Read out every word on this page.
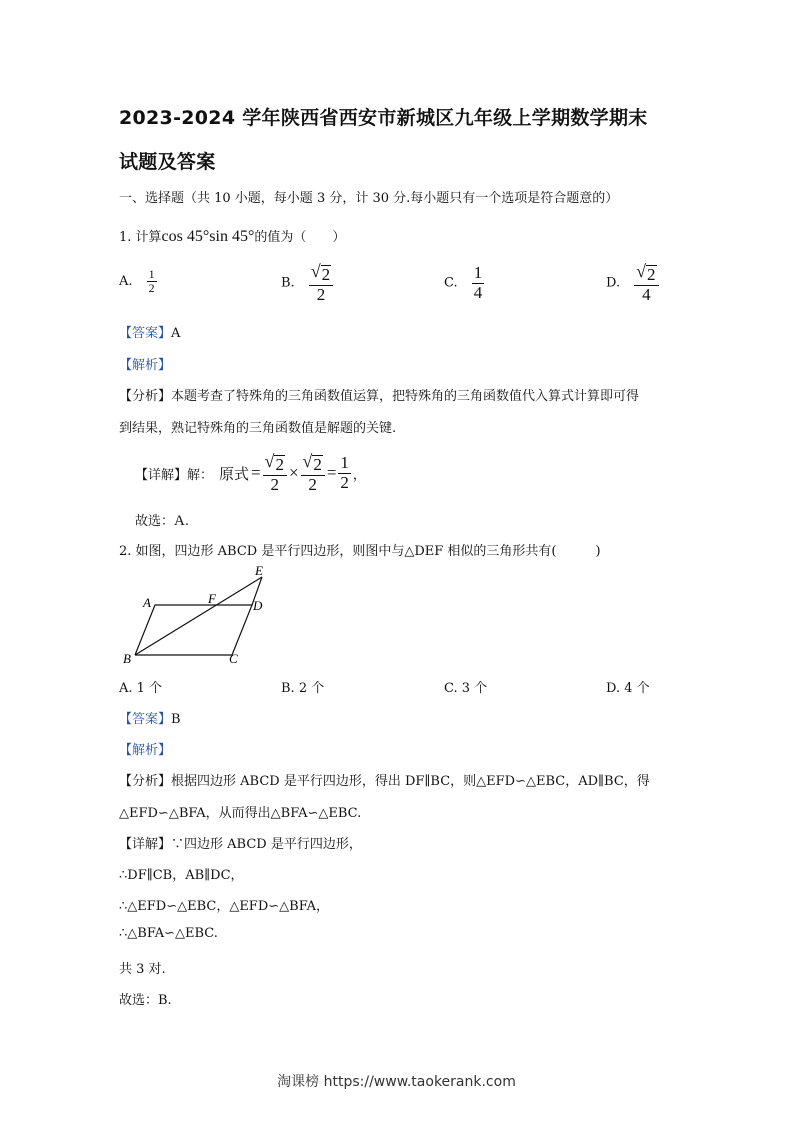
2023-2024 学年陕西省西安市新城区九年级上学期数学期末
试题及答案
一、选择题（共 10 小题，每小题 3 分，计 30 分.每小题只有一个选项是符合题意的）
1. 计算cos 45°sin 45°的值为（　　）
A. $\frac{1}{2}$	B. $\frac{√ 2}{2}$	C. $\frac{1}{4}$	D. $\frac{√ 2}{4}$
【答案】A
【解析】
【分析】本题考查了特殊角的三角函数值运算，把特殊角的三角函数值代入算式计算即可得
到结果，熟记特殊角的三角函数值是解题的关键.
【详解】 解： 原式 = $\frac{√ 2}{2} \times \frac{√ 2}{2} = \frac{1}{2}$ ，
故选：A.
2. 如图，四边形 ABCD 是平行四边形，则图中与△DEF 相似的三角形共有(　　　)
A
B	C
D
E
F
A. 1 个	B. 2 个	C. 3 个	D. 4 个
【答案】B
【解析】
【分析】根据四边形 ABCD 是平行四边形，得出 DF∥BC，则△EFD∽△EBC，AD∥BC，得
△EFD∽△BFA，从而得出△BFA∽△EBC.
【详解】∵四边形 ABCD 是平行四边形，
∴DF∥CB，AB∥DC，
∴△EFD∽△EBC，△EFD∽△BFA，
∴△BFA∽△EBC.
共 3 对.
故选：B.
淘课榜 https://www.taokerank.com
